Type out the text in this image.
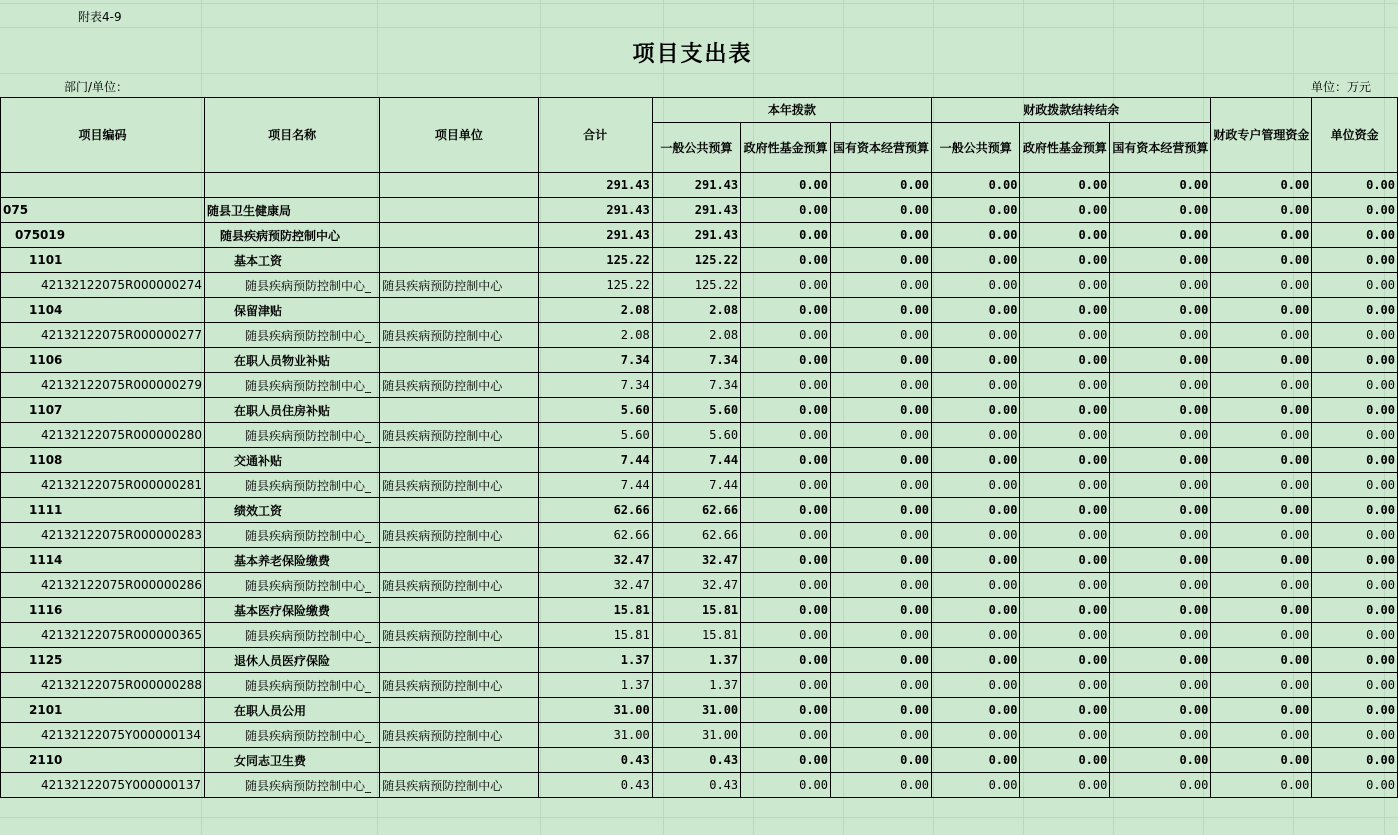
附表4-9
项目支出表
部门/单位：	单位：万元
项目编码	项目名称	项目单位	合计	本年拨款			财政拨款结转结余			财政专户管理资金	单位资金
				一般公共预算	政府性基金预算	国有资本经营预算	一般公共预算	政府性基金预算	国有资本经营预算		
			291.43	291.43	0.00	0.00	0.00	0.00	0.00	0.00	0.00
075	随县卫生健康局		291.43	291.43	0.00	0.00	0.00	0.00	0.00	0.00	0.00
075019	随县疾病预防控制中心		291.43	291.43	0.00	0.00	0.00	0.00	0.00	0.00	0.00
1101	基本工资		125.22	125.22	0.00	0.00	0.00	0.00	0.00	0.00	0.00
42132122075R000000274	随县疾病预防控制中心_	随县疾病预防控制中心	125.22	125.22	0.00	0.00	0.00	0.00	0.00	0.00	0.00
1104	保留津贴		2.08	2.08	0.00	0.00	0.00	0.00	0.00	0.00	0.00
42132122075R000000277	随县疾病预防控制中心_	随县疾病预防控制中心	2.08	2.08	0.00	0.00	0.00	0.00	0.00	0.00	0.00
1106	在职人员物业补贴		7.34	7.34	0.00	0.00	0.00	0.00	0.00	0.00	0.00
42132122075R000000279	随县疾病预防控制中心_	随县疾病预防控制中心	7.34	7.34	0.00	0.00	0.00	0.00	0.00	0.00	0.00
1107	在职人员住房补贴		5.60	5.60	0.00	0.00	0.00	0.00	0.00	0.00	0.00
42132122075R000000280	随县疾病预防控制中心_	随县疾病预防控制中心	5.60	5.60	0.00	0.00	0.00	0.00	0.00	0.00	0.00
1108	交通补贴		7.44	7.44	0.00	0.00	0.00	0.00	0.00	0.00	0.00
42132122075R000000281	随县疾病预防控制中心_	随县疾病预防控制中心	7.44	7.44	0.00	0.00	0.00	0.00	0.00	0.00	0.00
1111	绩效工资		62.66	62.66	0.00	0.00	0.00	0.00	0.00	0.00	0.00
42132122075R000000283	随县疾病预防控制中心_	随县疾病预防控制中心	62.66	62.66	0.00	0.00	0.00	0.00	0.00	0.00	0.00
1114	基本养老保险缴费		32.47	32.47	0.00	0.00	0.00	0.00	0.00	0.00	0.00
42132122075R000000286	随县疾病预防控制中心_	随县疾病预防控制中心	32.47	32.47	0.00	0.00	0.00	0.00	0.00	0.00	0.00
1116	基本医疗保险缴费		15.81	15.81	0.00	0.00	0.00	0.00	0.00	0.00	0.00
42132122075R000000365	随县疾病预防控制中心_	随县疾病预防控制中心	15.81	15.81	0.00	0.00	0.00	0.00	0.00	0.00	0.00
1125	退休人员医疗保险		1.37	1.37	0.00	0.00	0.00	0.00	0.00	0.00	0.00
42132122075R000000288	随县疾病预防控制中心_	随县疾病预防控制中心	1.37	1.37	0.00	0.00	0.00	0.00	0.00	0.00	0.00
2101	在职人员公用		31.00	31.00	0.00	0.00	0.00	0.00	0.00	0.00	0.00
42132122075Y000000134	随县疾病预防控制中心_	随县疾病预防控制中心	31.00	31.00	0.00	0.00	0.00	0.00	0.00	0.00	0.00
2110	女同志卫生费		0.43	0.43	0.00	0.00	0.00	0.00	0.00	0.00	0.00
42132122075Y000000137	随县疾病预防控制中心_	随县疾病预防控制中心	0.43	0.43	0.00	0.00	0.00	0.00	0.00	0.00	0.00
